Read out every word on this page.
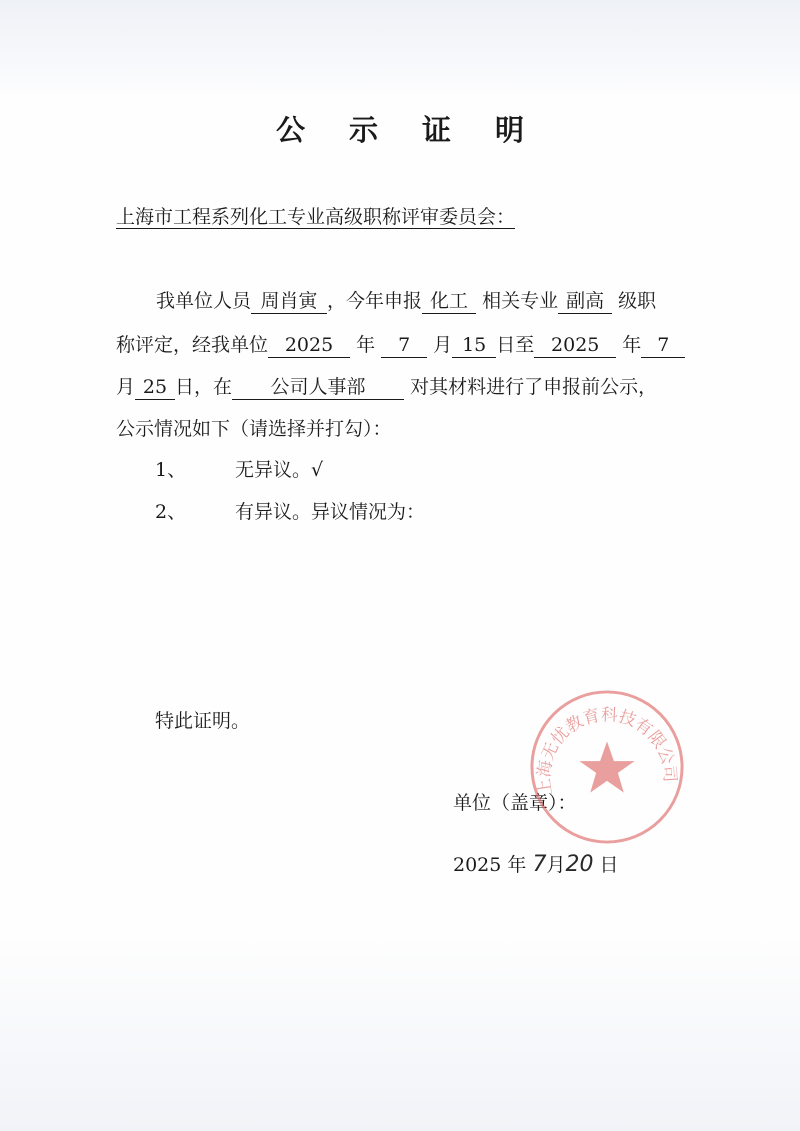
公示证明
上海市工程系列化工专业高级职称评审委员会：
我单位人员 周肖寅 ，今年申报 化工 相关专业 副高 级职
称评定，经我单位 2025 年 7 月 15 日至 2025 年 7
月 25 日，在 公司人事部 对其材料进行了申报前公示，
公示情况如下（请选择并打勾）：
1、	无异议。√
2、	有异议。异议情况为：
特此证明。
单位（盖章）：
2025 年 7月20 日
上海无忧教育科技有限公司
